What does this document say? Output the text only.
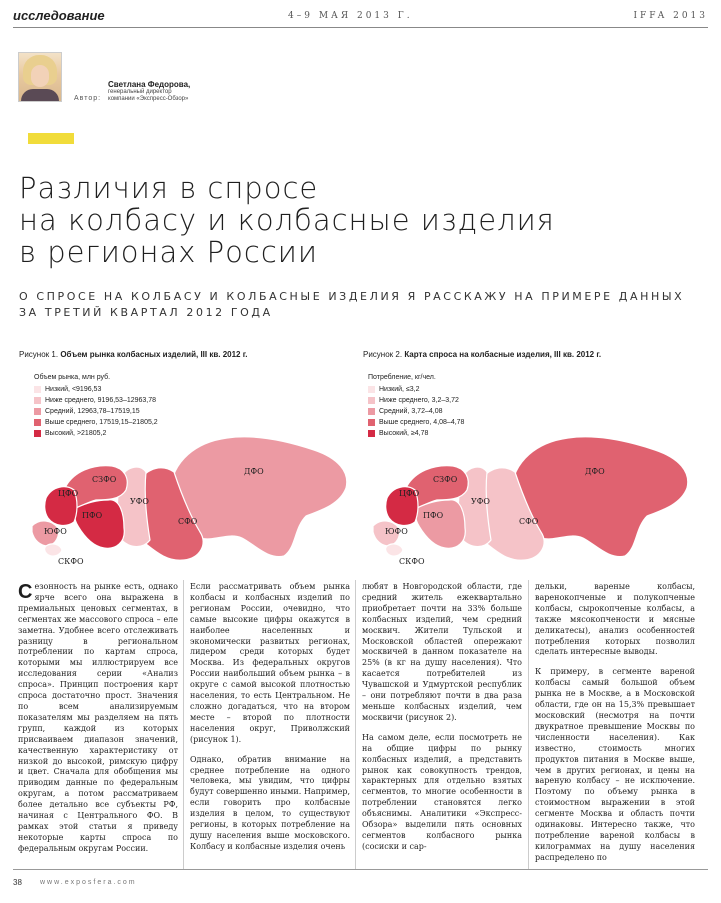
исследование	4–9 МАЯ 2013 Г.	IFFA 2013
Автор:
Светлана Федорова,
генеральный директор
компании «Экспресс-Обзор»
Различия в спросе
на колбасу и колбасные изделия
в регионах России
О СПРОСЕ НА КОЛБАСУ И КОЛБАСНЫЕ ИЗДЕЛИЯ Я РАССКАЖУ НА ПРИМЕРЕ ДАННЫХ ЗА ТРЕТИЙ КВАРТАЛ 2012 ГОДА
Рисунок 1. Объем рынка колбасных изделий, III кв. 2012 г.
Объем рынка, млн руб.
Низкий, <9196,53
Ниже среднего, 9196,53–12963,78
Средний, 12963,78–17519,15
Выше среднего, 17519,15–21805,2
Высокий, >21805,2
ДФО
СФО
УФО
СЗФО
ПФО
ЦФО
ЮФО
СКФО
Рисунок 2. Карта спроса на колбасные изделия, III кв. 2012 г.
Потребление, кг/чел.
Низкий, ≤3,2
Ниже среднего, 3,2–3,72
Средний, 3,72–4,08
Выше среднего, 4,08–4,78
Высокий, ≥4,78
ДФО
СФО
УФО
СЗФО
ПФО
ЦФО
ЮФО
СКФО

Сезонность на рынке есть, однако ярче всего она выражена в премиальных ценовых сегментах, в сегментах же массового спроса – еле заметна. Удобнее всего отслеживать разницу в региональном потреблении по картам спроса, которыми мы иллюстрируем все исследования серии «Анализ спроса». Принцип построения карт спроса достаточно прост. Значения по всем анализируемым показателям мы разделяем на пять групп, каждой из которых присваиваем диапазон значений, качественную характеристику от низкой до высокой, римскую цифру и цвет. Сначала для обобщения мы приводим данные по федеральным округам, а потом рассматриваем более детально все субъекты РФ, начиная с Центрального ФО. В рамках этой статьи я приведу некоторые карты спроса по федеральным округам России.

Если рассматривать объем рынка колбасы и колбасных изделий по регионам России, очевидно, что самые высокие цифры окажутся в наиболее населенных и экономически развитых регионах, лидером среди которых будет Москва. Из федеральных округов России наибольший объем рынка – в округе с самой высокой плотностью населения, то есть Центральном. Не сложно догадаться, что на втором месте – второй по плотности населения округ, Приволжский (рисунок 1).

Однако, обратив внимание на среднее потребление на одного человека, мы увидим, что цифры будут совершенно иными. Например, если говорить про колбасные изделия в целом, то существуют регионы, в которых потребление на душу населения выше московского. Колбасу и колбасные изделия очень

любят в Новгородской области, где средний житель ежеквартально приобретает почти на 33% больше колбасных изделий, чем средний москвич. Жители Тульской и Московской областей опережают москвичей в данном показателе на 25% (в кг на душу населения). Что касается потребителей из Чувашской и Удмуртской республик – они потребляют почти в два раза меньше колбасных изделий, чем москвичи (рисунок 2).

На самом деле, если посмотреть не на общие цифры по рынку колбасных изделий, а представить рынок как совокупность трендов, характерных для отдельно взятых сегментов, то многие особенности в потреблении становятся легко объяснимы. Аналитики «Экспресс-Обзора» выделили пять основных сегментов колбасного рынка (сосиски и сар-

дельки, вареные колбасы, варенокопченые и полукопченые колбасы, сырокопченые колбасы, а также мясокопчености и мясные деликатесы), анализ особенностей потребления которых позволил сделать интересные выводы.

К примеру, в сегменте вареной колбасы самый большой объем рынка не в Москве, а в Московской области, где он на 15,3% превышает московский (несмотря на почти двукратное превышение Москвы по численности населения). Как известно, стоимость многих продуктов питания в Москве выше, чем в других регионах, и цены на вареную колбасу – не исключение. Поэтому по объему рынка в стоимостном выражении в этой сегменте Москва и область почти одинаковы. Интересно также, что потребление вареной колбасы в килограммах на душу населения распределено по

38	www.exposfera.com
